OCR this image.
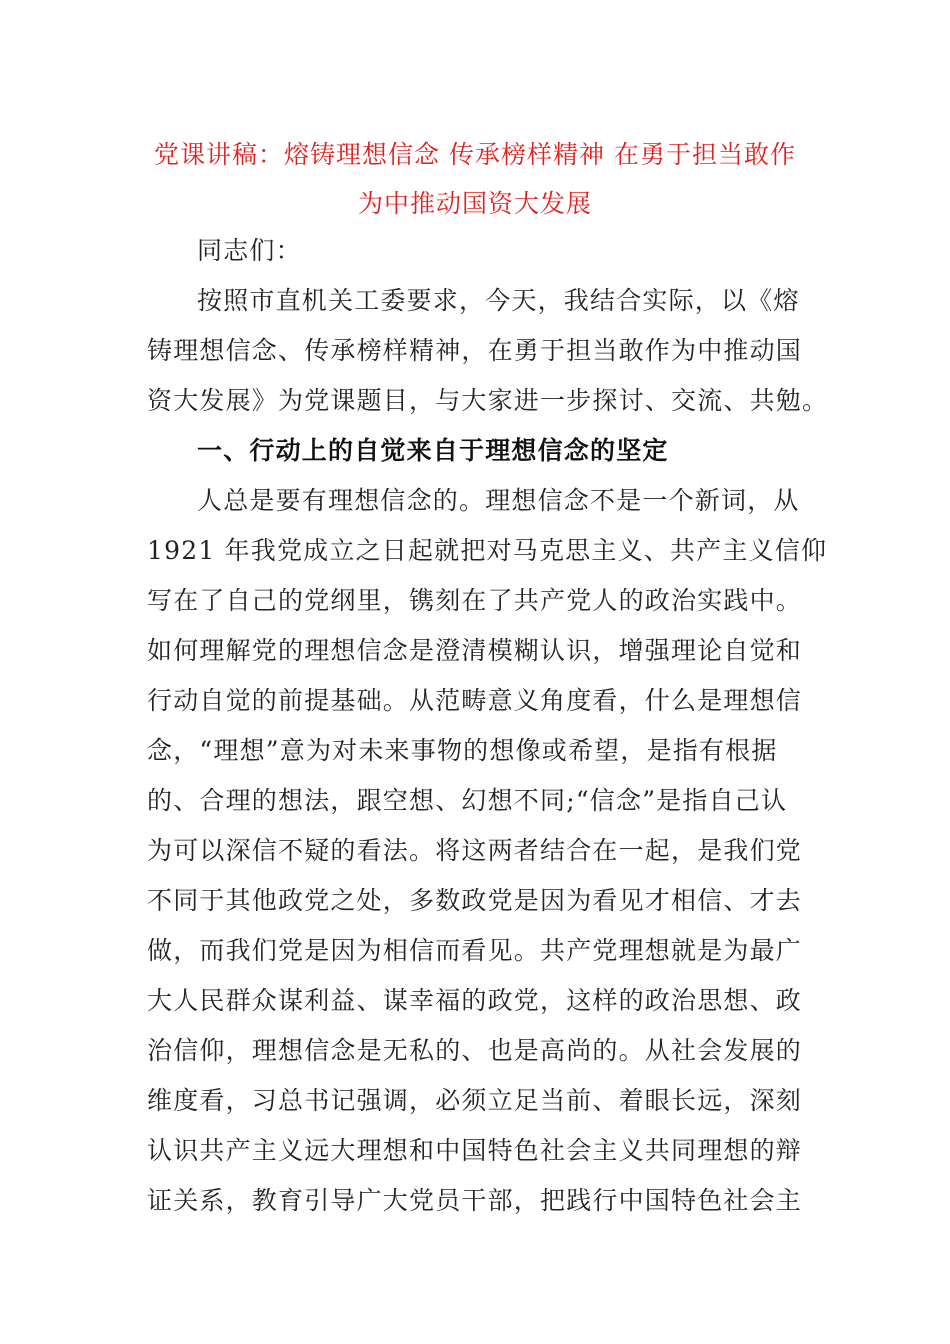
党课讲稿：熔铸理想信念 传承榜样精神 在勇于担当敢作
为中推动国资大发展
同志们：
按照市直机关工委要求，今天，我结合实际，以《熔
铸理想信念、传承榜样精神，在勇于担当敢作为中推动国
资大发展》为党课题目，与大家进一步探讨、交流、共勉。
一、行动上的自觉来自于理想信念的坚定
人总是要有理想信念的。理想信念不是一个新词，从
1921 年我党成立之日起就把对马克思主义、共产主义信仰
写在了自己的党纲里，镌刻在了共产党人的政治实践中。
如何理解党的理想信念是澄清模糊认识，增强理论自觉和
行动自觉的前提基础。从范畴意义角度看，什么是理想信
念，“理想”意为对未来事物的想像或希望，是指有根据
的、合理的想法，跟空想、幻想不同;“信念”是指自己认
为可以深信不疑的看法。将这两者结合在一起，是我们党
不同于其他政党之处，多数政党是因为看见才相信、才去
做，而我们党是因为相信而看见。共产党理想就是为最广
大人民群众谋利益、谋幸福的政党，这样的政治思想、政
治信仰，理想信念是无私的、也是高尚的。从社会发展的
维度看，习总书记强调，必须立足当前、着眼长远，深刻
认识共产主义远大理想和中国特色社会主义共同理想的辩
证关系，教育引导广大党员干部，把践行中国特色社会主
